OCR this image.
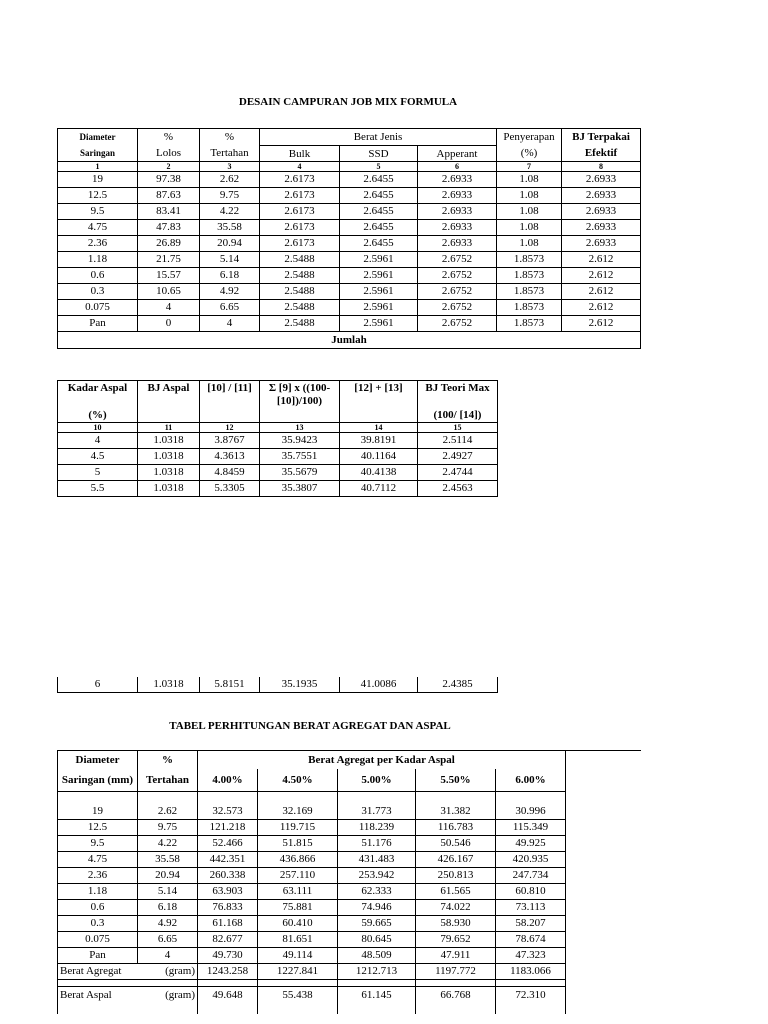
DESAIN CAMPURAN JOB MIX FORMULA
Diameter	%	%	Berat Jenis			Penyerapan	BJ Terpakai
Saringan	Lolos	Tertahan	Bulk	SSD	Apperant	(%)	Efektif
1	2	3	4	5	6	7	8
19	97.38	2.62	2.6173	2.6455	2.6933	1.08	2.6933
12.5	87.63	9.75	2.6173	2.6455	2.6933	1.08	2.6933
9.5	83.41	4.22	2.6173	2.6455	2.6933	1.08	2.6933
4.75	47.83	35.58	2.6173	2.6455	2.6933	1.08	2.6933
2.36	26.89	20.94	2.6173	2.6455	2.6933	1.08	2.6933
1.18	21.75	5.14	2.5488	2.5961	2.6752	1.8573	2.612
0.6	15.57	6.18	2.5488	2.5961	2.6752	1.8573	2.612
0.3	10.65	4.92	2.5488	2.5961	2.6752	1.8573	2.612
0.075	4	6.65	2.5488	2.5961	2.6752	1.8573	2.612
Pan	0	4	2.5488	2.5961	2.6752	1.8573	2.612
Jumlah							
Kadar Aspal	BJ Aspal	[10] / [11]	Σ [9] x ((100-[10])/100)	[12] + [13]	BJ Teori Max
(%)					(100/ [14])
10	11	12	13	14	15
4	1.0318	3.8767	35.9423	39.8191	2.5114
4.5	1.0318	4.3613	35.7551	40.1164	2.4927
5	1.0318	4.8459	35.5679	40.4138	2.4744
5.5	1.0318	5.3305	35.3807	40.7112	2.4563
6	1.0318	5.8151	35.1935	41.0086	2.4385
TABEL PERHITUNGAN BERAT AGREGAT DAN ASPAL
Diameter	%	Berat Agregat per Kadar Aspal					
Saringan (mm)	Tertahan	4.00%	4.50%	5.00%	5.50%	6.00%	

19	2.62	32.573	32.169	31.773	31.382	30.996	
12.5	9.75	121.218	119.715	118.239	116.783	115.349	
9.5	4.22	52.466	51.815	51.176	50.546	49.925	
4.75	35.58	442.351	436.866	431.483	426.167	420.935	
2.36	20.94	260.338	257.110	253.942	250.813	247.734	
1.18	5.14	63.903	63.111	62.333	61.565	60.810	
0.6	6.18	76.833	75.881	74.946	74.022	73.113	
0.3	4.92	61.168	60.410	59.665	58.930	58.207	
0.075	6.65	82.677	81.651	80.645	79.652	78.674	
Pan	4	49.730	49.114	48.509	47.911	47.323	
Berat Agregat (gram)		1243.258	1227.841	1212.713	1197.772	1183.066	

Berat Aspal (gram)		49.648	55.438	61.145	66.768	72.310	
